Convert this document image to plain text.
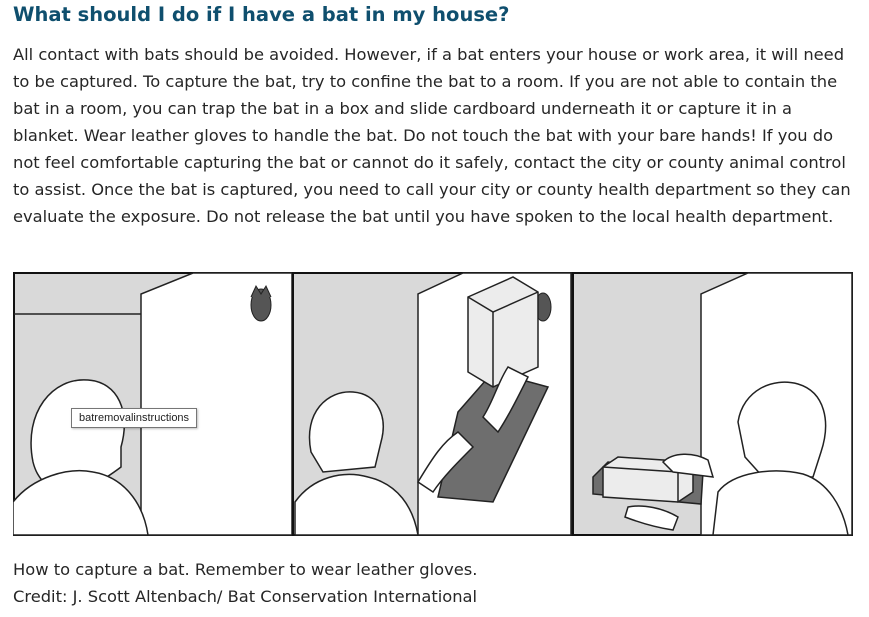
What should I do if I have a bat in my house?

All contact with bats should be avoided. However, if a bat enters your house or work area, it will need to be captured. To capture the bat, try to confine the bat to a room. If you are not able to contain the bat in a room, you can trap the bat in a box and slide cardboard underneath it or capture it in a blanket. Wear leather gloves to handle the bat. Do not touch the bat with your bare hands! If you do not feel comfortable capturing the bat or cannot do it safely, contact the city or county animal control to assist. Once the bat is captured, you need to call your city or county health department so they can evaluate the exposure. Do not release the bat until you have spoken to the local health department.

batremovalinstructions

How to capture a bat. Remember to wear leather gloves.

Credit: J. Scott Altenbach/ Bat Conservation International
